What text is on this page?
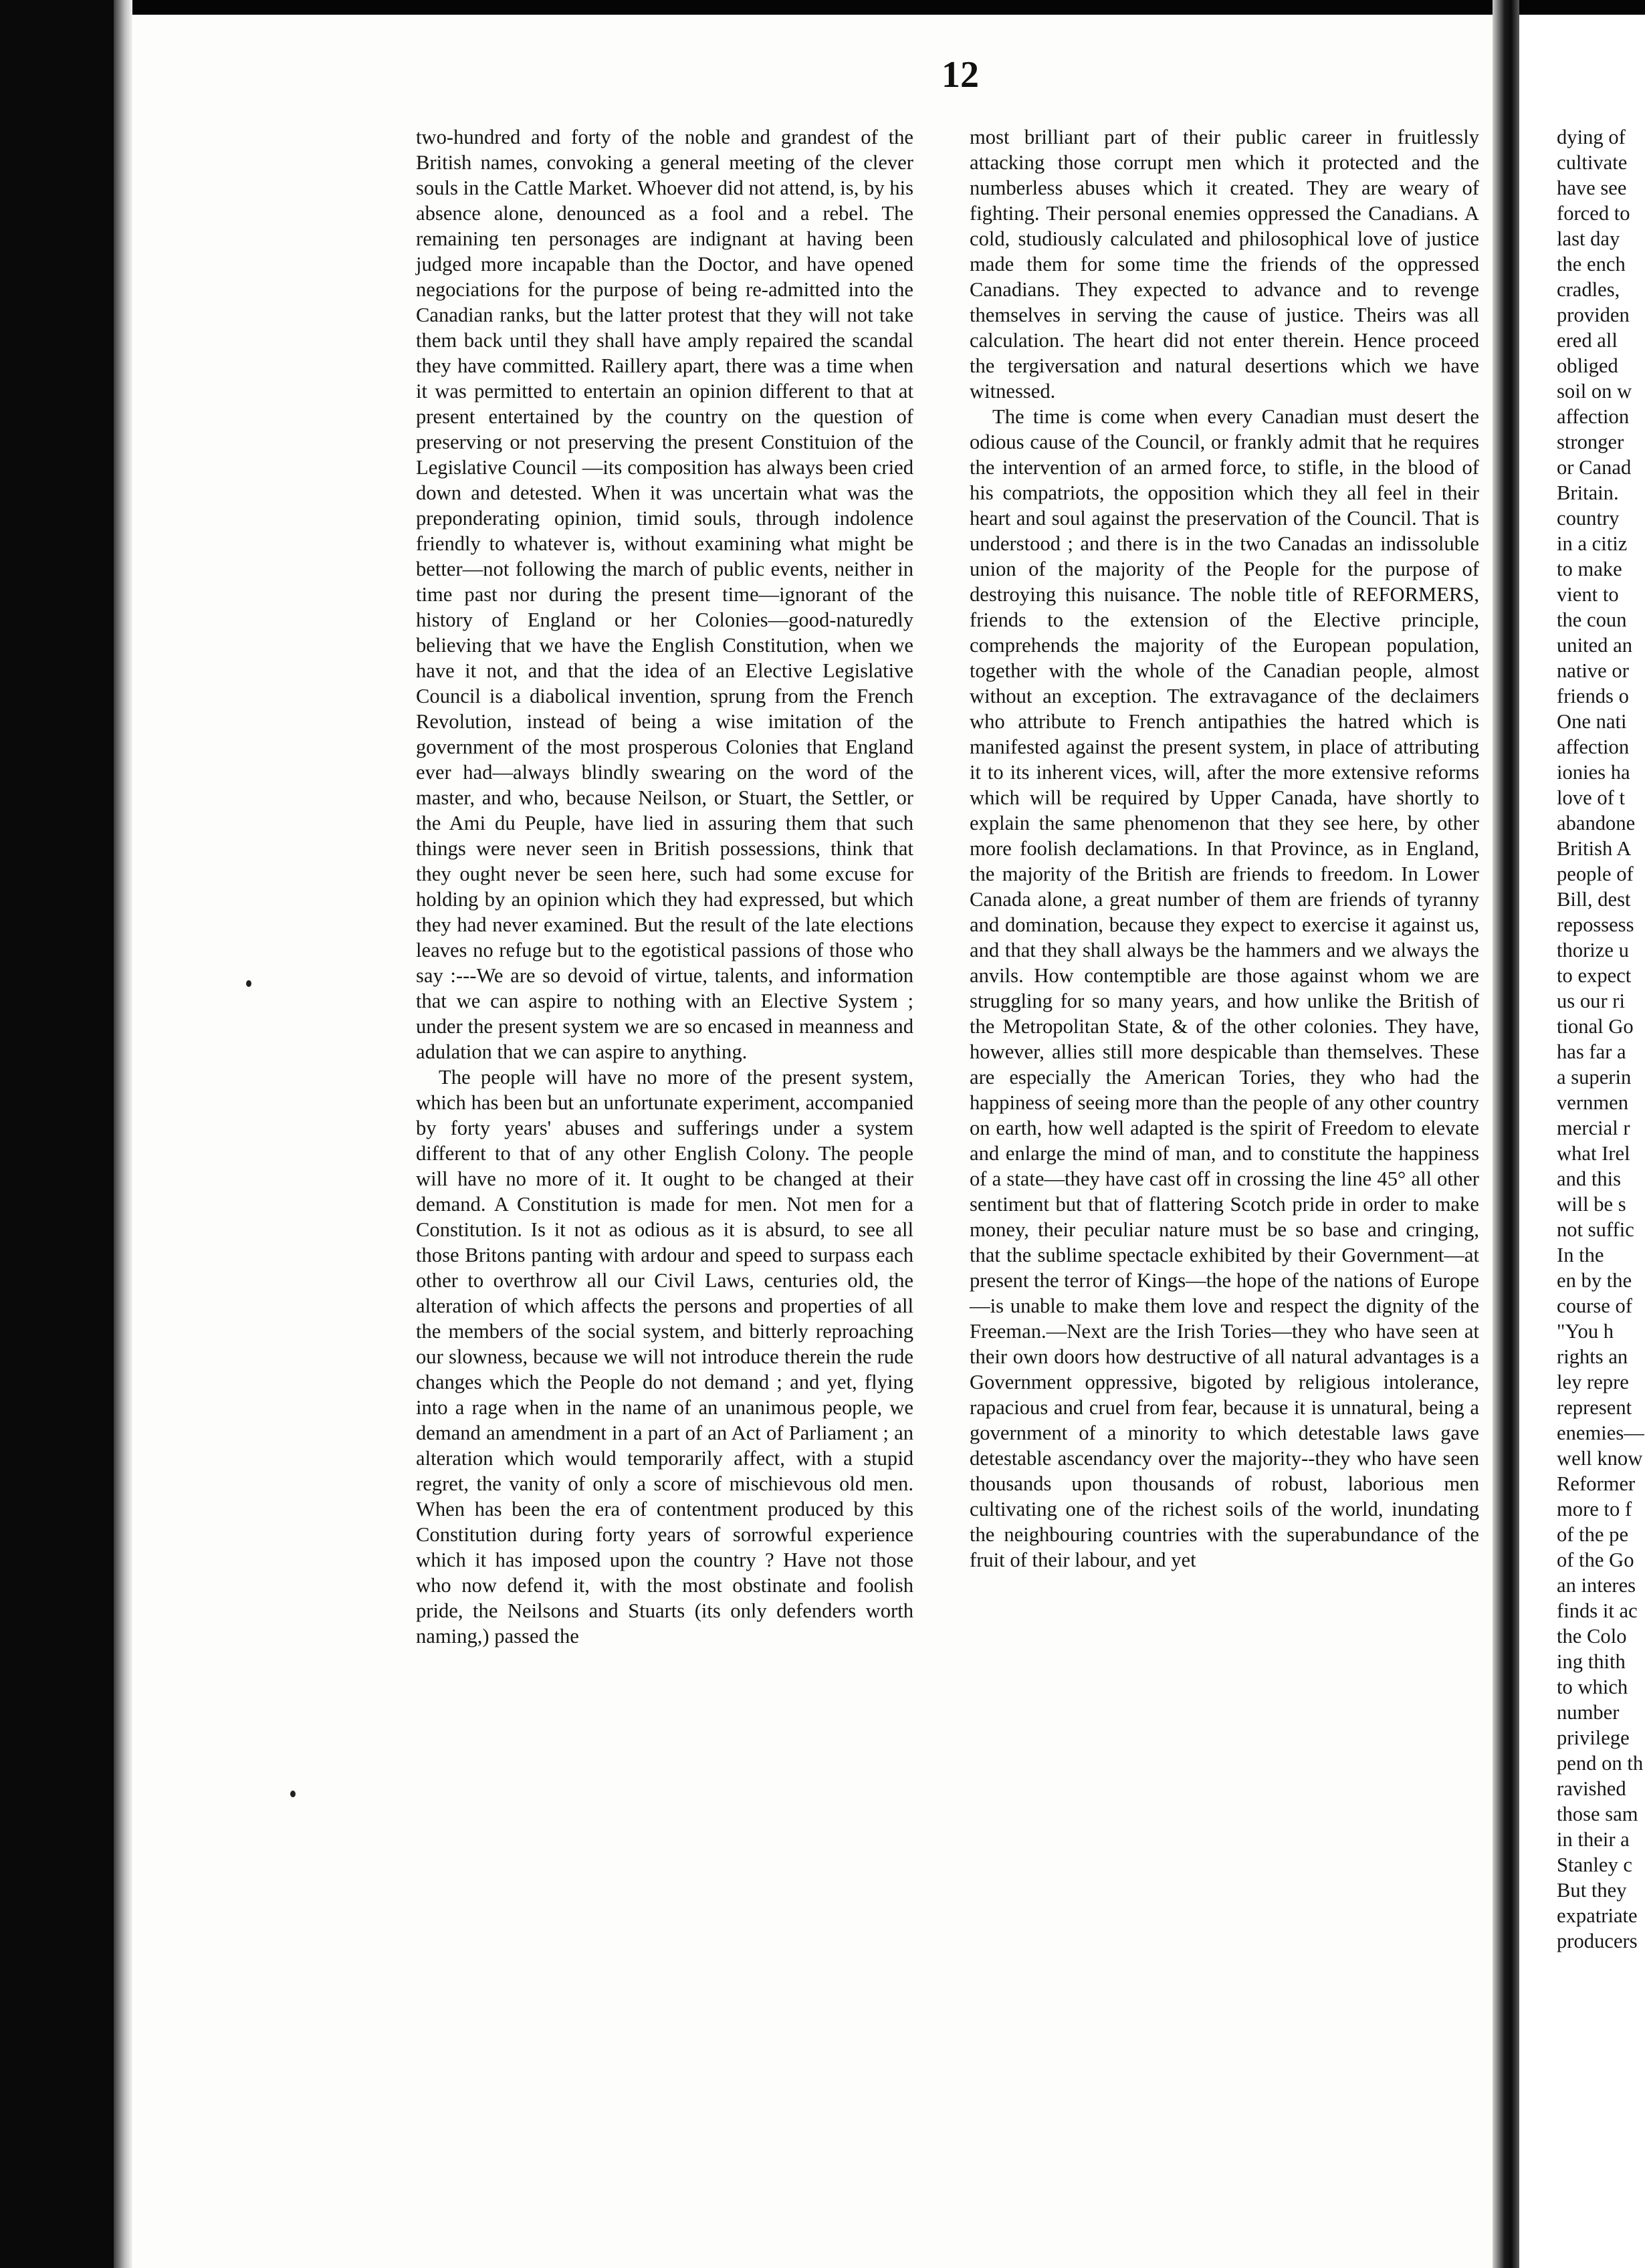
12

two-hundred and forty of the noble and grandest of the British names, convoking a general meeting of the clever souls in the Cattle Market. Whoever did not attend, is, by his absence alone, denounced as a fool and a rebel. The remaining ten personages are indignant at having been judged more incapable than the Doctor, and have opened negociations for the purpose of being re-admitted into the Canadian ranks, but the latter protest that they will not take them back until they shall have amply repaired the scandal they have committed. Raillery apart, there was a time when it was permitted to entertain an opinion different to that at present entertained by the country on the question of preserving or not preserving the present Constituion of the Legislative Council —its composition has always been cried down and detested. When it was uncertain what was the preponderating opinion, timid souls, through indolence friendly to whatever is, without examining what might be better—not following the march of public events, neither in time past nor during the present time—ignorant of the history of England or her Colonies—good-naturedly believing that we have the English Constitution, when we have it not, and that the idea of an Elective Legislative Council is a diabolical invention, sprung from the French Revolution, instead of being a wise imitation of the government of the most prosperous Colonies that England ever had—always blindly swearing on the word of the master, and who, because Neilson, or Stuart, the Settler, or the Ami du Peuple, have lied in assuring them that such things were never seen in British possessions, think that they ought never be seen here, such had some excuse for holding by an opinion which they had expressed, but which they had never examined. But the result of the late elections leaves no refuge but to the egotistical passions of those who say :---We are so devoid of virtue, talents, and information that we can aspire to nothing with an Elective System ; under the present system we are so encased in meanness and adulation that we can aspire to anything.

The people will have no more of the present system, which has been but an unfortunate experiment, accompanied by forty years' abuses and sufferings under a system different to that of any other English Colony. The people will have no more of it. It ought to be changed at their demand. A Constitution is made for men. Not men for a Constitution. Is it not as odious as it is absurd, to see all those Britons panting with ardour and speed to surpass each other to overthrow all our Civil Laws, centuries old, the alteration of which affects the persons and properties of all the members of the social system, and bitterly reproaching our slowness, because we will not introduce therein the rude changes which the People do not demand ; and yet, flying into a rage when in the name of an unanimous people, we demand an amendment in a part of an Act of Parliament ; an alteration which would temporarily affect, with a stupid regret, the vanity of only a score of mischievous old men. When has been the era of contentment produced by this Constitution during forty years of sorrowful experience which it has imposed upon the country ? Have not those who now defend it, with the most obstinate and foolish pride, the Neilsons and Stuarts (its only defenders worth naming,) passed the

most brilliant part of their public career in fruitlessly attacking those corrupt men which it protected and the numberless abuses which it created. They are weary of fighting. Their personal enemies oppressed the Canadians. A cold, studiously calculated and philosophical love of justice made them for some time the friends of the oppressed Canadians. They expected to advance and to revenge themselves in serving the cause of justice. Theirs was all calculation. The heart did not enter therein. Hence proceed the tergiversation and natural desertions which we have witnessed.

The time is come when every Canadian must desert the odious cause of the Council, or frankly admit that he requires the intervention of an armed force, to stifle, in the blood of his compatriots, the opposition which they all feel in their heart and soul against the preservation of the Council. That is understood ; and there is in the two Canadas an indissoluble union of the majority of the People for the purpose of destroying this nuisance. The noble title of REFORMERS, friends to the extension of the Elective principle, comprehends the majority of the European population, together with the whole of the Canadian people, almost without an exception. The extravagance of the declaimers who attribute to French antipathies the hatred which is manifested against the present system, in place of attributing it to its inherent vices, will, after the more extensive reforms which will be required by Upper Canada, have shortly to explain the same phenomenon that they see here, by other more foolish declamations. In that Province, as in England, the majority of the British are friends to freedom. In Lower Canada alone, a great number of them are friends of tyranny and domination, because they expect to exercise it against us, and that they shall always be the hammers and we always the anvils. How contemptible are those against whom we are struggling for so many years, and how unlike the British of the Metropolitan State, & of the other colonies. They have, however, allies still more despicable than themselves. These are especially the American Tories, they who had the happiness of seeing more than the people of any other country on earth, how well adapted is the spirit of Freedom to elevate and enlarge the mind of man, and to constitute the happiness of a state—they have cast off in crossing the line 45° all other sentiment but that of flattering Scotch pride in order to make money, their peculiar nature must be so base and cringing, that the sublime spectacle exhibited by their Government—at present the terror of Kings—the hope of the nations of Europe—is unable to make them love and respect the dignity of the Freeman.—Next are the Irish Tories—they who have seen at their own doors how destructive of all natural advantages is a Government oppressive, bigoted by religious intolerance, rapacious and cruel from fear, because it is unnatural, being a government of a minority to which detestable laws gave detestable ascendancy over the majority--they who have seen thousands upon thousands of robust, laborious men cultivating one of the richest soils of the world, inundating the neighbouring countries with the superabundance of the fruit of their labour, and yet

dying of
cultivate
have see
forced to
last day
the ench
cradles,
providen
ered all
obliged
soil on w
affection
stronger
or Canad
Britain.
country
in a citiz
to make
vient to
the coun
united an
native or
friends o
One nati
affection
ionies ha
love of t
abandone
British A
people of
Bill, dest
repossess
thorize u
to expect
us our ri
tional Go
has far a
a superin
vernmen
mercial r
what Irel
and this
will be s
not suffic
In the
en by the
course of
"You h
rights an
ley repre
represent
enemies—
well know
Reformer
more to f
of the pe
of the Go
an interes
finds it ac
the Colo
ing thith
to which
number
privilege
pend on th
ravished
those sam
in their a
Stanley c
But they
expatriate
producers
